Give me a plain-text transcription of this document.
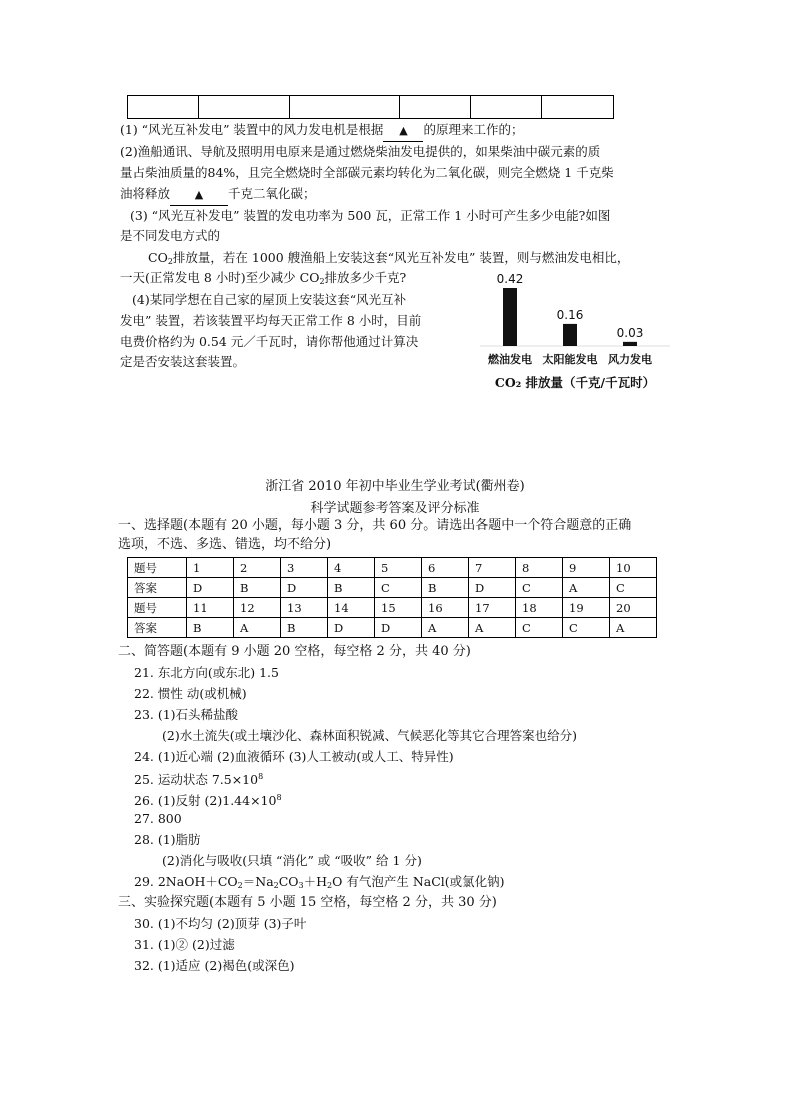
(1) “风光互补发电” 装置中的风力发电机是根据 ▲ 的原理来工作的；
(2)渔船通讯、导航及照明用电原来是通过燃烧柴油发电提供的，如果柴油中碳元素的质
量占柴油质量的84%，且完全燃烧时全部碳元素均转化为二氧化碳，则完全燃烧 1 千克柴
油将释放 ▲ 千克二氧化碳；
(3) “风光互补发电” 装置的发电功率为 500 瓦，正常工作 1 小时可产生多少电能?如图
是不同发电方式的
$CO_2$排放量，若在 1000 艘渔船上安装这套“风光互补发电” 装置，则与燃油发电相比，
一天(正常发电 8 小时)至少减少 $CO_2$排放多少千克?
(4)某同学想在自己家的屋顶上安装这套“风光互补
发电” 装置，若该装置平均每天正常工作 8 小时，目前
电费价格约为 0.54 元／千瓦时，请你帮他通过计算决
定是否安装这套装置。
0.42
燃油发电
0.16
太阳能发电
0.03
风力发电
CO₂ 排放量（千克/千瓦时）
浙江省 2010 年初中毕业生学业考试(衢州卷)
科学试题参考答案及评分标准
一、选择题(本题有 20 小题，每小题 3 分，共 60 分。请选出各题中一个符合题意的正确
选项，不选、多选、错选，均不给分)
题号	1	2	3	4	5	6	7	8	9	10
答案	D	B	D	B	C	B	D	C	A	C
题号	11	12	13	14	15	16	17	18	19	20
答案	B	A	B	D	D	A	A	C	C	A
二、简答题(本题有 9 小题 20 空格，每空格 2 分，共 40 分)
21. 东北方向(或东北) 1.5
22. 惯性 动(或机械)
23. (1)石头稀盐酸
(2)水土流失(或土壤沙化、森林面积锐减、气候恶化等其它合理答案也给分)
24. (1)近心端 (2)血液循环 (3)人工被动(或人工、特异性)
25. 运动状态 $7.5\times 10^8$
26. (1)反射 $(2)1.44\times 10^8$
27. 800
28. (1)脂肪
(2)消化与吸收(只填 “消化” 或 “吸收” 给 1 分)
29. $2NaOH+CO_2=Na_2CO_3+H_2O$ 有气泡产生 NaCl(或氯化钠)
三、实验探究题(本题有 5 小题 15 空格，每空格 2 分，共 30 分)
30. (1)不均匀 (2)顶芽 (3)子叶
31. (1)② (2)过滤
32. (1)适应 (2)褐色(或深色)
